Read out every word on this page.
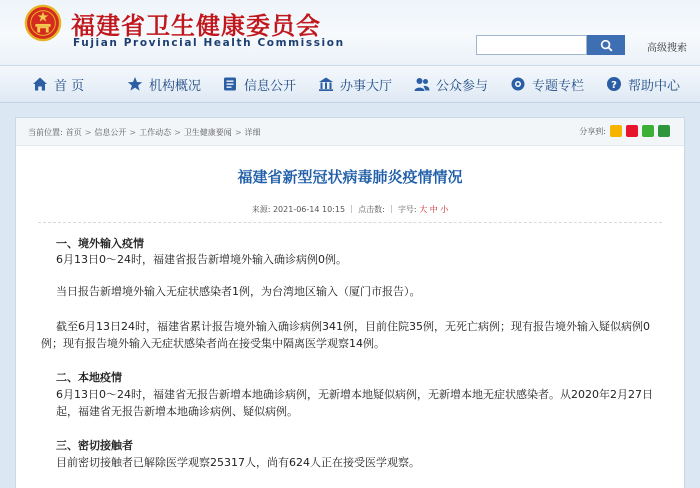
福建省卫生健康委员会
Fujian Provincial Health Commission	高级搜索
首 页	机构概况	信息公开	办事大厅	公众参与	专题专栏	? 帮助中心
当前位置: 首页 > 信息公开 > 工作动态 > 卫生健康要闻 > 详细	分享到:
福建省新型冠状病毒肺炎疫情情况
来源: 2021-06-14 10:15 ｜ 点击数: ｜ 字号: 大 中 小
一、境外输入疫情
6月13日0～24时，福建省报告新增境外输入确诊病例0例。
当日报告新增境外输入无症状感染者1例，为台湾地区输入（厦门市报告）。
截至6月13日24时，福建省累计报告境外输入确诊病例341例，目前住院35例，无死亡病例；现有报告境外输入疑似病例0例；现有报告境外输入无症状感染者尚在接受集中隔离医学观察14例。
二、本地疫情
6月13日0～24时，福建省无报告新增本地确诊病例，无新增本地疑似病例，无新增本地无症状感染者。从2020年2月27日起，福建省无报告新增本地确诊病例、疑似病例。
三、密切接触者
目前密切接触者已解除医学观察25317人，尚有624人正在接受医学观察。
